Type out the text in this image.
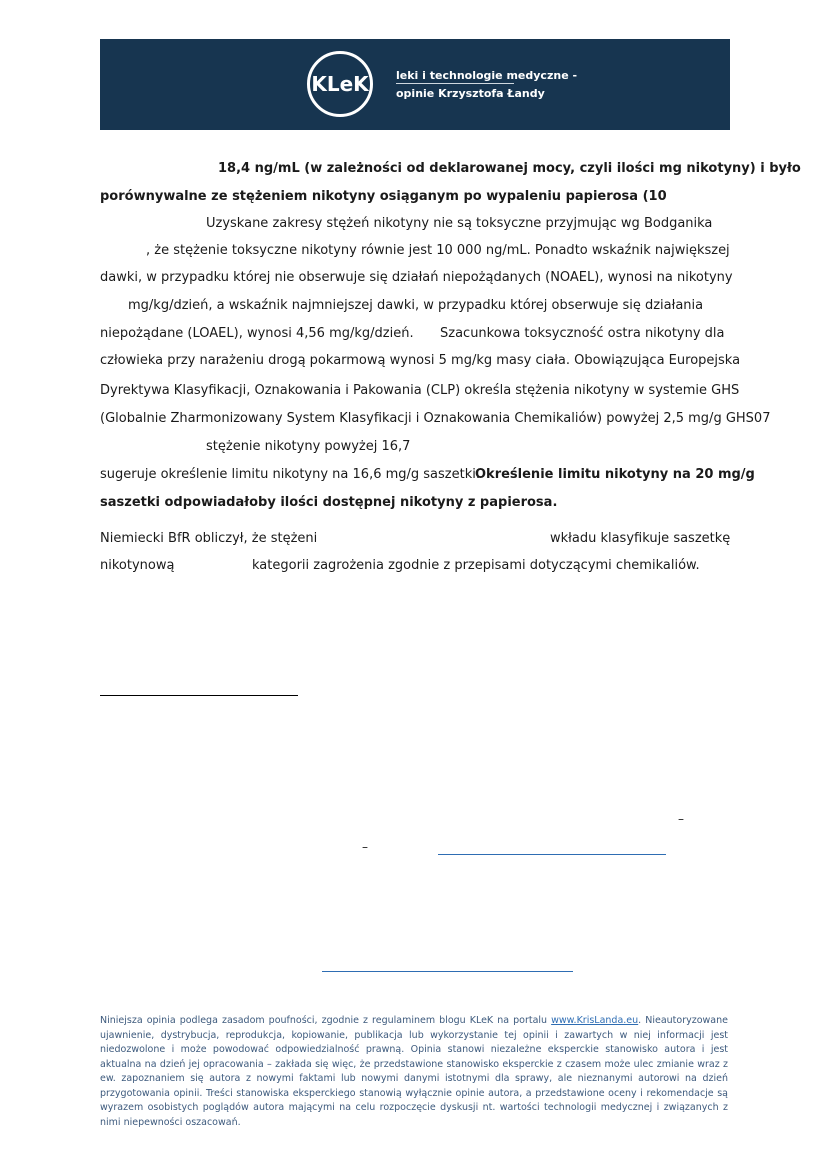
KLeK	leki i technologie medyczne -
opinie Krzysztofa Łandy
18,4 ng/mL (w zależności od deklarowanej mocy, czyli ilości mg nikotyny) i było
porównywalne ze stężeniem nikotyny osiąganym po wypaleniu papierosa (10
Uzyskane zakresy stężeń nikotyny nie są toksyczne przyjmując wg Bodganika
, że stężenie toksyczne nikotyny równie jest 10 000 ng/mL. Ponadto wskaźnik największej
dawki, w przypadku której nie obserwuje się działań niepożądanych (NOAEL), wynosi na nikotyny
mg/kg/dzień, a wskaźnik najmniejszej dawki, w przypadku której obserwuje się działania
niepożądane (LOAEL), wynosi 4,56 mg/kg/dzień. Szacunkowa toksyczność ostra nikotyny dla
człowieka przy narażeniu drogą pokarmową wynosi 5 mg/kg masy ciała. Obowiązująca Europejska
Dyrektywa Klasyfikacji, Oznakowania i Pakowania (CLP) określa stężenia nikotyny w systemie GHS
(Globalnie Zharmonizowany System Klasyfikacji i Oznakowania Chemikaliów) powyżej 2,5 mg/g GHS07
stężenie nikotyny powyżej 16,7
sugeruje określenie limitu nikotyny na 16,6 mg/g saszetki.
Określenie limitu nikotyny na 20 mg/g
saszetki odpowiadałoby ilości dostępnej nikotyny z papierosa.
Niemiecki BfR obliczył, że stężeni	wkładu klasyfikuje saszetkę
nikotynową	kategorii zagrożenia zgodnie z przepisami dotyczącymi chemikaliów.
–
–
Niniejsza opinia podlega zasadom poufności, zgodnie z regulaminem blogu KLeK na portalu www.KrisLanda.eu. Nieautoryzowane ujawnienie, dystrybucja, reprodukcja, kopiowanie, publikacja lub wykorzystanie tej opinii i zawartych w niej informacji jest niedozwolone i może powodować odpowiedzialność prawną. Opinia stanowi niezależne eksperckie stanowisko autora i jest aktualna na dzień jej opracowania – zakłada się więc, że przedstawione stanowisko eksperckie z czasem może ulec zmianie wraz z ew. zapoznaniem się autora z nowymi faktami lub nowymi danymi istotnymi dla sprawy, ale nieznanymi autorowi na dzień przygotowania opinii. Treści stanowiska eksperckiego stanowią wyłącznie opinie autora, a przedstawione oceny i rekomendacje są wyrazem osobistych poglądów autora mającymi na celu rozpoczęcie dyskusji nt. wartości technologii medycznej i związanych z nimi niepewności oszacowań.
